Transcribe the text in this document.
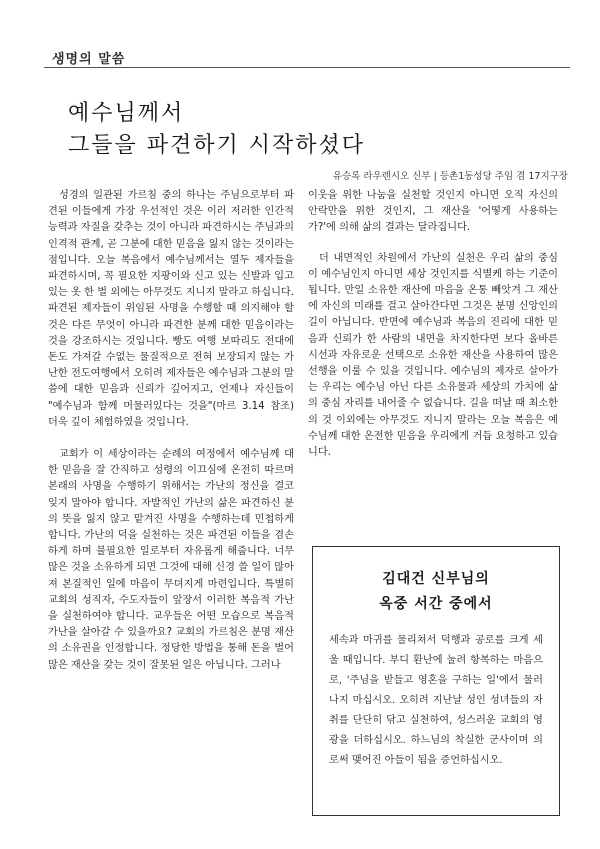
생명의 말씀
예수님께서
그들을 파견하기 시작하셨다
유승록 라우렌시오 신부 | 등촌1동성당 주임 겸 17지구장

성경의 일관된 가르침 중의 하나는 주님으로부터 파견된 이들에게 가장 우선적인 것은 이러 저러한 인간적 능력과 자질을 갖추는 것이 아니라 파견하시는 주님과의 인격적 관계, 곧 그분에 대한 믿음을 잃지 않는 것이라는 점입니다. 오늘 복음에서 예수님께서는 열두 제자들을 파견하시며, 꼭 필요한 지팡이와 신고 있는 신발과 입고 있는 옷 한 벌 외에는 아무것도 지니지 말라고 하십니다. 파견된 제자들이 위임된 사명을 수행할 때 의지해야 할 것은 다른 무엇이 아니라 파견한 분께 대한 믿음이라는 것을 강조하시는 것입니다. 빵도 여행 보따리도 전대에 돈도 가져갈 수없는 물질적으로 전혀 보장되지 않는 가난한 전도여행에서 오히려 제자들은 예수님과 그분의 말씀에 대한 믿음과 신뢰가 깊어지고, 언제나 자신들이 "예수님과 함께 머물러있다는 것을"(마르 3.14 참조) 더욱 깊이 체험하였을 것입니다.

교회가 이 세상이라는 순례의 여정에서 예수님께 대한 믿음을 잘 간직하고 성령의 이끄심에 온전히 따르며 본래의 사명을 수행하기 위해서는 가난의 정신을 결코 잊지 말아야 합니다. 자발적인 가난의 삶은 파견하신 분의 뜻을 잃지 않고 맡겨진 사명을 수행하는데 민첩하게 합니다. 가난의 덕을 실천하는 것은 파견된 이들을 겸손하게 하며 불필요한 일로부터 자유롭게 해줍니다. 너무 많은 것을 소유하게 되면 그것에 대해 신경 쓸 일이 많아져 본질적인 일에 마음이 무뎌지게 마련입니다. 특별히 교회의 성직자, 수도자들이 앞장서 이러한 복음적 가난을 실천하여야 합니다. 교우들은 어떤 모습으로 복음적 가난을 살아갈 수 있을까요? 교회의 가르침은 분명 재산의 소유권을 인정합니다. 정당한 방법을 통해 돈을 벌어 많은 재산을 갖는 것이 잘못된 일은 아닙니다. 그러나

이웃을 위한 나눔을 실천할 것인지 아니면 오직 자신의 안락만을 위한 것인지, 그 재산을 '어떻게 사용하는가?'에 의해 삶의 결과는 달라집니다.

더 내면적인 차원에서 가난의 실천은 우리 삶의 중심이 예수님인지 아니면 세상 것인지를 식별케 하는 기준이 됩니다. 만일 소유한 재산에 마음을 온통 빼앗겨 그 재산에 자신의 미래를 걸고 살아간다면 그것은 분명 신앙인의 길이 아닙니다. 반면에 예수님과 복음의 진리에 대한 믿음과 신뢰가 한 사람의 내면을 차지한다면 보다 올바른 시선과 자유로운 선택으로 소유한 재산을 사용하여 많은 선행을 이룰 수 있을 것입니다. 예수님의 제자로 살아가는 우리는 예수님 아닌 다른 소유물과 세상의 가치에 삶의 중심 자리를 내어줄 수 없습니다. 길을 떠날 때 최소한의 것 이외에는 아무것도 지니지 말라는 오늘 복음은 예수님께 대한 온전한 믿음을 우리에게 거듭 요청하고 있습니다.

김대건 신부님의
옥중 서간 중에서
세속과 마귀를 물리쳐서 덕행과 공로를 크게 세울 때입니다. 부디 환난에 눌려 항복하는 마음으로, '주님을 받들고 영혼을 구하는 일'에서 물러나지 마십시오. 오히려 지난날 성인 성녀들의 자취를 단단히 닦고 실천하여, 성스러운 교회의 영광을 더하십시오. 하느님의 착실한 군사이며 의로써 맺어진 아들이 됨을 증언하십시오.
